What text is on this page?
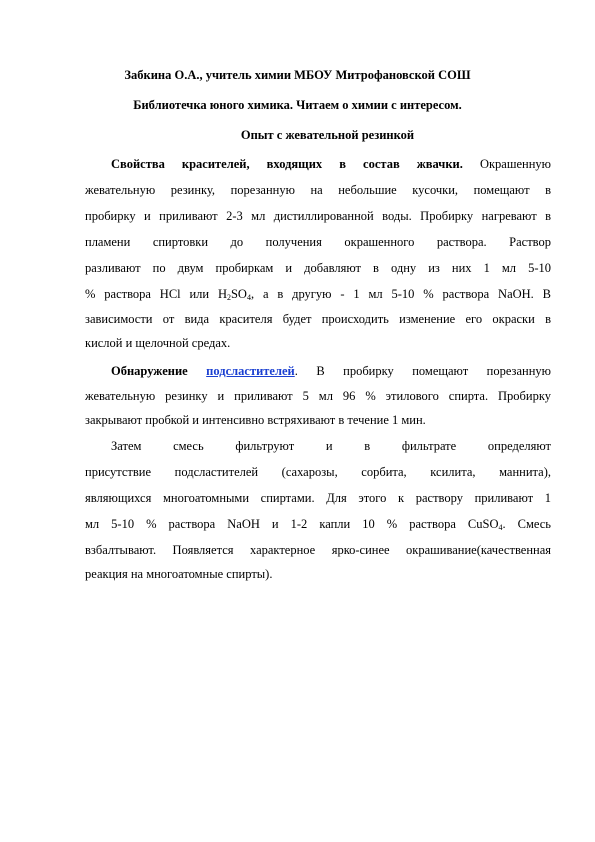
Забкина О.А., учитель химии МБОУ Митрофановской СОШ
Библиотечка юного химика. Читаем о химии с интересом.
Опыт с жевательной резинкой
Свойства красителей, входящих в состав жвачки. Окрашенную
жевательную резинку, порезанную на небольшие кусочки, помещают в
пробирку и приливают 2-3 мл дистиллированной воды. Пробирку нагревают в
пламени спиртовки до получения окрашенного раствора. Раствор
разливают по двум пробиркам и добавляют в одну из них 1 мл 5-10
% раствора HCl или $H_2SO_4$, а в другую - 1 мл 5-10 % раствора NaOH. В
зависимости от вида красителя будет происходить изменение его окраски в
кислой и щелочной средах.
Обнаружение подсластителей. В пробирку помещают порезанную
жевательную резинку и приливают 5 мл 96 % этилового спирта. Пробирку
закрывают пробкой и интенсивно встряхивают в течение 1 мин.
Затем смесь фильтруют и в фильтрате определяют
присутствие подсластителей (сахарозы, сорбита, ксилита, маннита),
являющихся многоатомными спиртами. Для этого к раствору приливают 1
мл 5-10 % раствора NaOH и 1-2 капли 10 % раствора CuSO$_4$. Смесь
взбалтывают. Появляется характерное ярко-синее окрашивание(качественная
реакция на многоатомные спирты).
